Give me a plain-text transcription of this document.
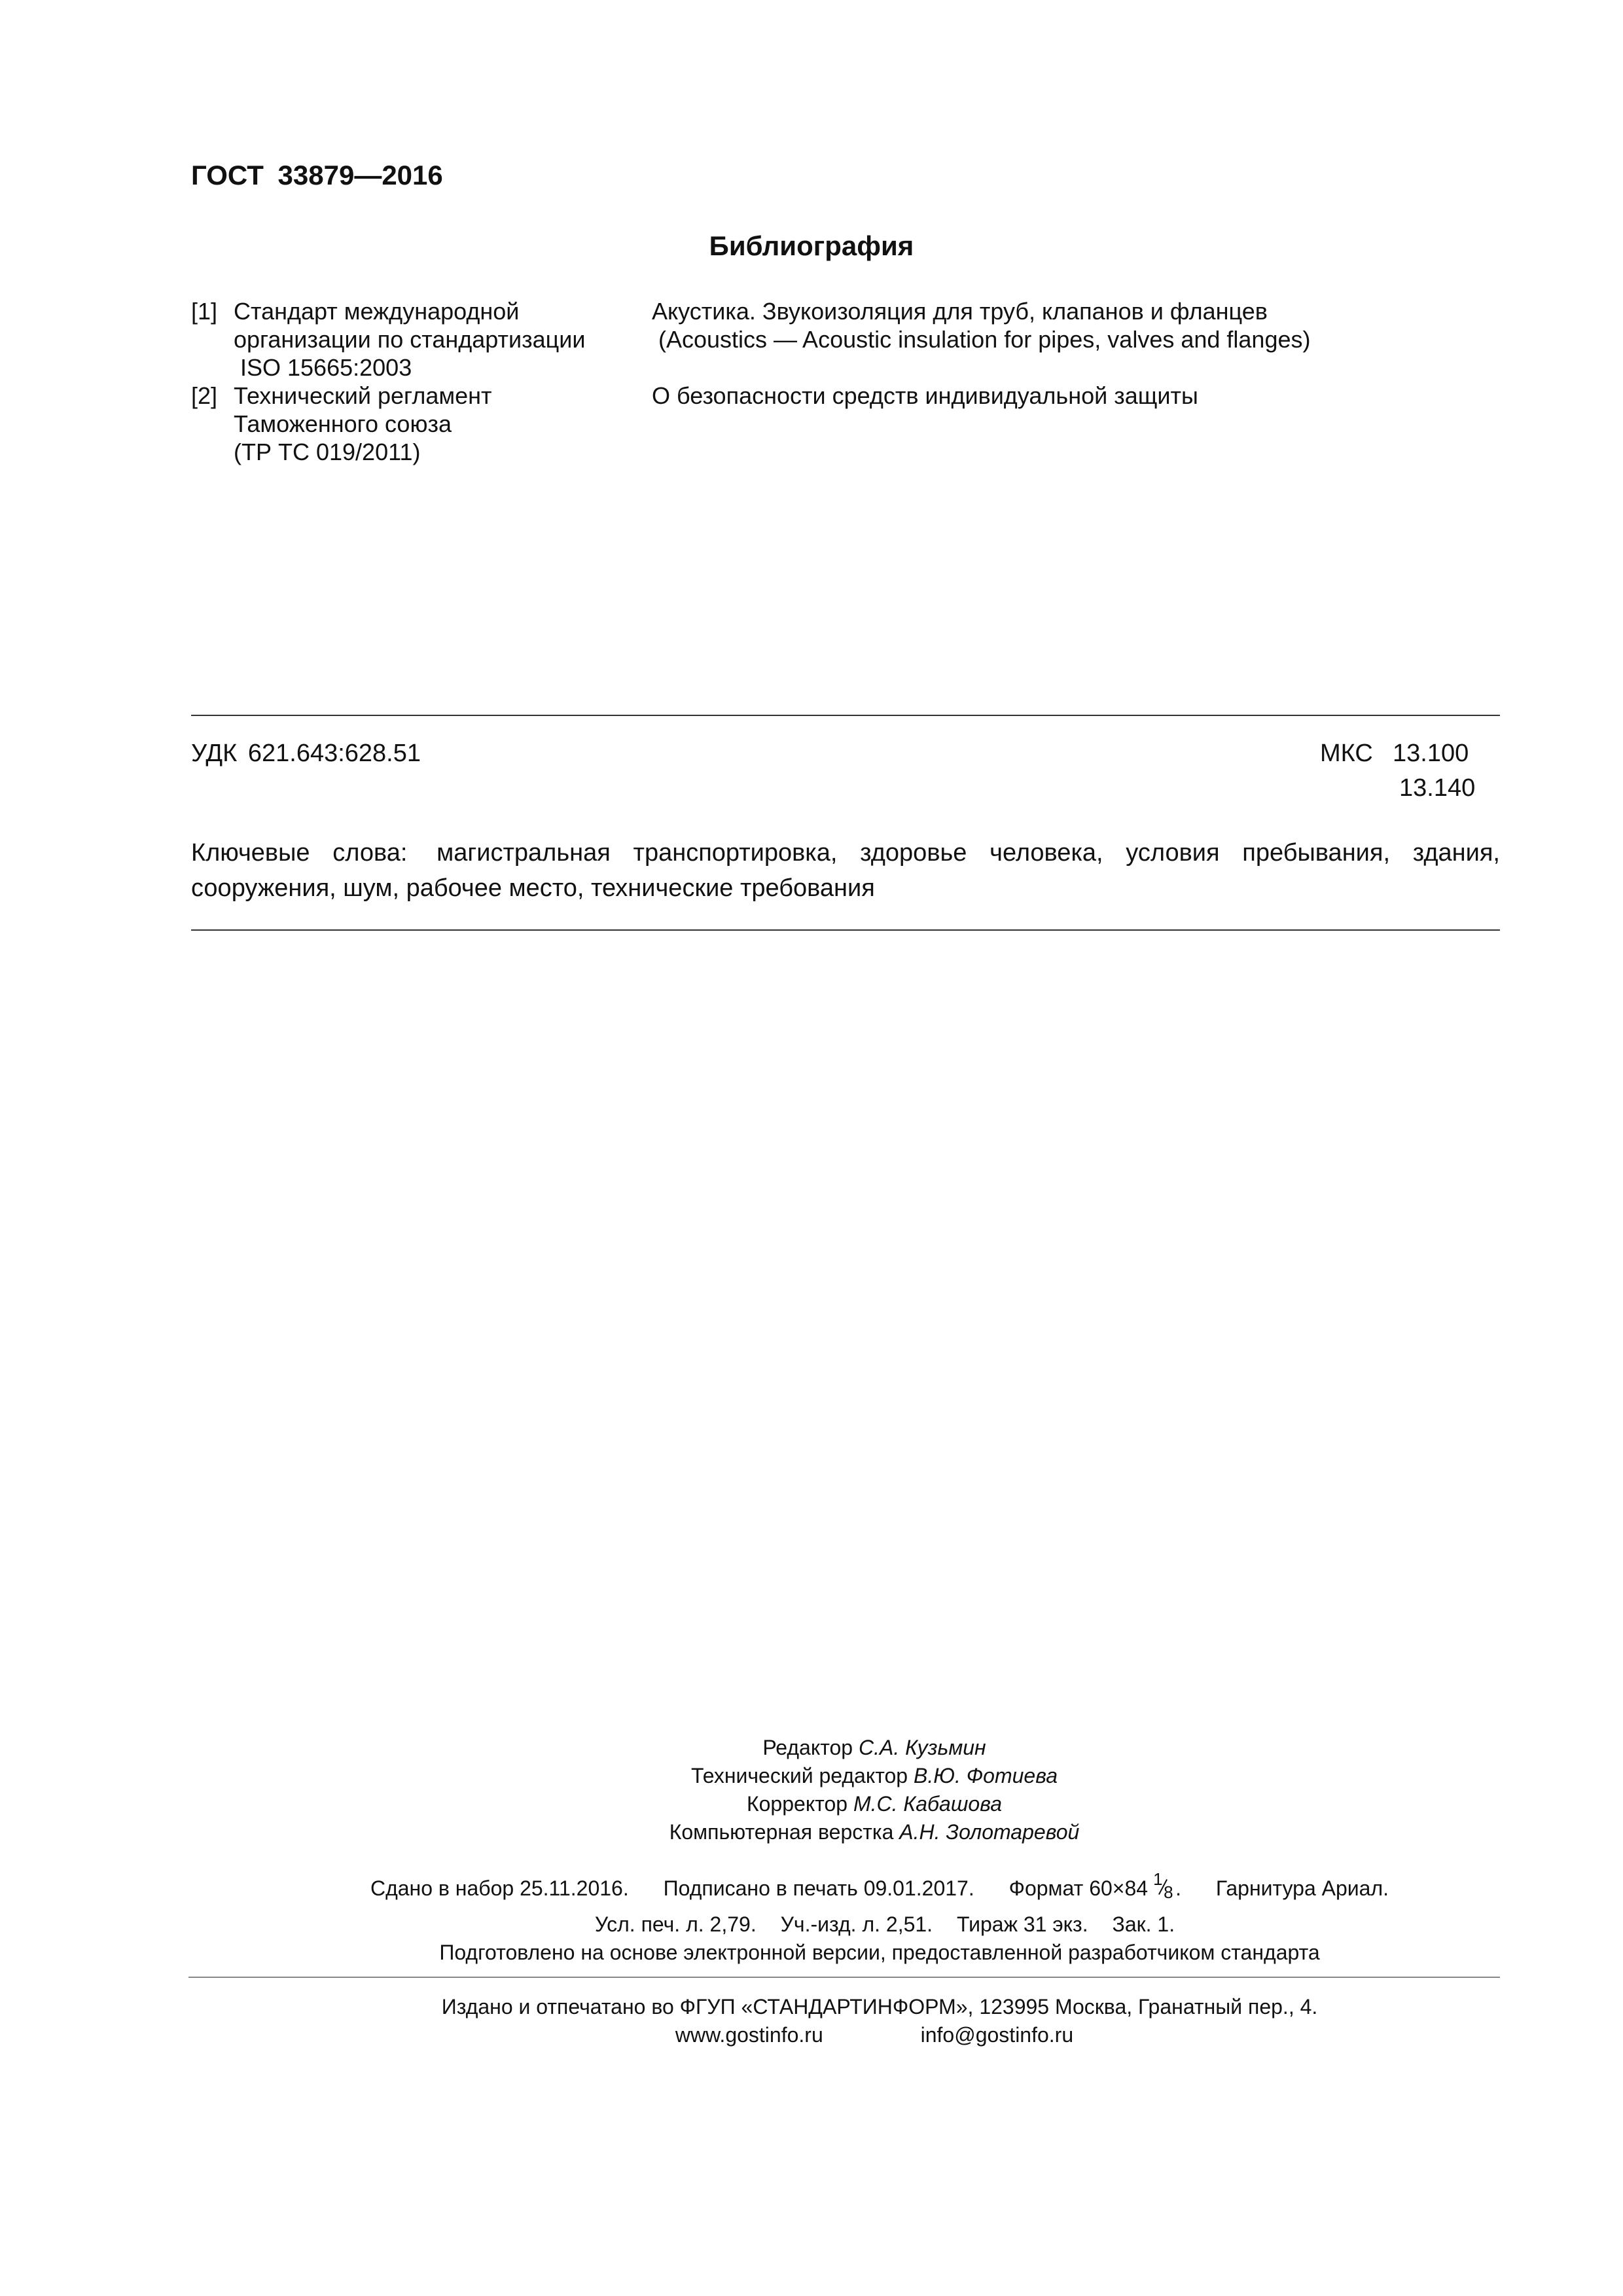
ГОСТ 33879—2016
Библиография
[1] Стандарт международной
организации по стандартизации
ISO 15665:2003
Акустика. Звукоизоляция для труб, клапанов и фланцев
(Acoustics — Acoustic insulation for pipes, valves and flanges)
[2] Технический регламент
Таможенного союза
(ТР ТС 019/2011)
О безопасности средств индивидуальной защиты
УДК 621.643:628.51	МКС 13.100
13.140
Ключевые слова: магистральная транспортировка, здоровье человека, условия пребывания, здания, сооружения, шум, рабочее место, технические требования
Редактор С.А. Кузьмин
Технический редактор В.Ю. Фотиева
Корректор М.С. Кабашова
Компьютерная верстка А.Н. Золотаревой
Сдано в набор 25.11.2016. Подписано в печать 09.01.2017. Формат 60×84 1
8 . Гарнитура Ариал.
Усл. печ. л. 2,79. Уч.-изд. л. 2,51. Тираж 31 экз. Зак. 1.
Подготовлено на основе электронной версии, предоставленной разработчиком стандарта
Издано и отпечатано во ФГУП «СТАНДАРТИНФОРМ», 123995 Москва, Гранатный пер., 4.
www.gostinfo.ru	info@gostinfo.ru
